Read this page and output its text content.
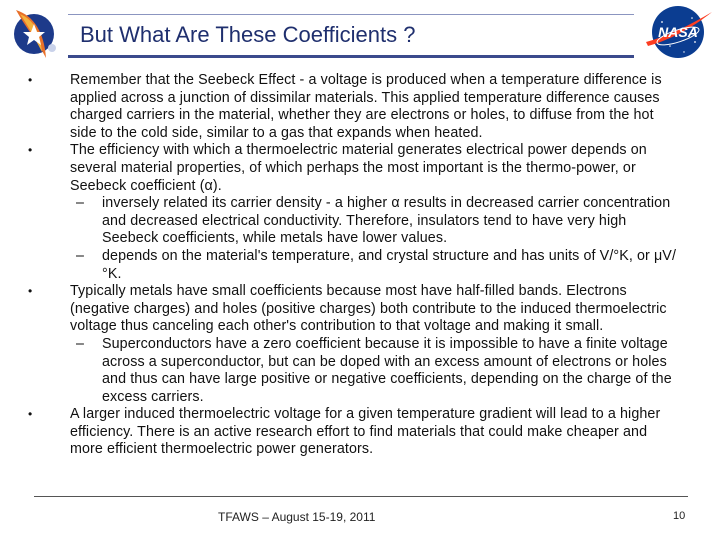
NASA
But What Are These Coefficients ?
•	Remember that the Seebeck Effect - a voltage is produced when a temperature difference is applied across a junction of dissimilar materials. This applied temperature difference causes charged carriers in the material, whether they are electrons or holes, to diffuse from the hot side to the cold side, similar to a gas that expands when heated.
•	The efficiency with which a thermoelectric material generates electrical power depends on several material properties, of which perhaps the most important is the thermo-power, or Seebeck coefficient (α).
– inversely related its carrier density - a higher α results in decreased carrier concentration and decreased electrical conductivity. Therefore, insulators tend to have very high Seebeck coefficients, while metals have lower values.
– depends on the material's temperature, and crystal structure and has units of V/°K, or μV/°K.
•	Typically metals have small coefficients because most have half-filled bands. Electrons (negative charges) and holes (positive charges) both contribute to the induced thermoelectric voltage thus canceling each other's contribution to that voltage and making it small.
– Superconductors have a zero coefficient because it is impossible to have a finite voltage across a superconductor, but can be doped with an excess amount of electrons or holes and thus can have large positive or negative coefficients, depending on the charge of the excess carriers.
•	A larger induced thermoelectric voltage for a given temperature gradient will lead to a higher efficiency. There is an active research effort to find materials that could make cheaper and more efficient thermoelectric power generators.
TFAWS – August 15-19, 2011	10
